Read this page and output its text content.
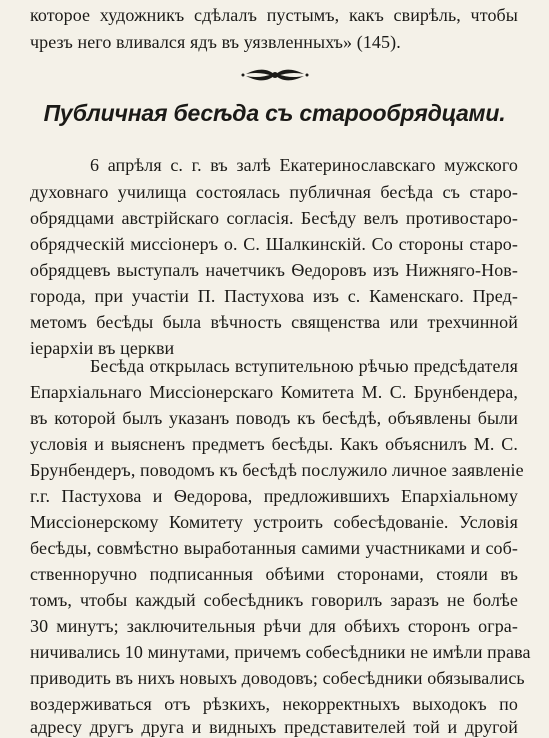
которое художникъ сдѣлалъ пустымъ, какъ свирѣль, чтобы
чрезъ него вливался ядъ въ уязвленныхъ» (145).
Публичная бесѣда съ старообрядцами.
6 апрѣля с. г. въ залѣ Екатеринославскаго мужского
духовнаго училища состоялась публичная бесѣда съ старо-
обрядцами австрійскаго согласія. Бесѣду велъ противостаро-
обрядческій миссіонеръ о. С. Шалкинскій. Со стороны старо-
обрядцевъ выступалъ начетчикъ Ѳедоровъ изъ Нижняго-Нов-
города, при участіи П. Пастухова изъ с. Каменскаго. Пред-
метомъ бесѣды была вѣчность священства или трехчинной
іерархіи въ церкви
Бесѣда открылась вступительною рѣчью предсѣдателя
Епархіальнаго Миссіонерскаго Комитета М. С. Брунбендера,
въ которой былъ указанъ поводъ къ бесѣдѣ, объявлены были
условія и выясненъ предметъ бесѣды. Какъ объяснилъ М. С.
Брунбендеръ, поводомъ къ бесѣдѣ послужило личное заявленіе
г.г. Пастухова и Ѳедорова, предложившихъ Епархіальному
Миссіонерскому Комитету устроить собесѣдованіе. Условія
бесѣды, совмѣстно выработанныя самими участниками и соб-
ственноручно подписанныя обѣими сторонами, стояли въ
томъ, чтобы каждый собесѣдникъ говорилъ заразъ не болѣе
30 минутъ; заключительныя рѣчи для обѣихъ сторонъ огра-
ничивались 10 минутами, причемъ собесѣдники не имѣли права
приводить въ нихъ новыхъ доводовъ; собесѣдники обязывались
воздерживаться отъ рѣзкихъ, некорректныхъ выходокъ по
адресу другъ друга и видныхъ представителей той и другой
